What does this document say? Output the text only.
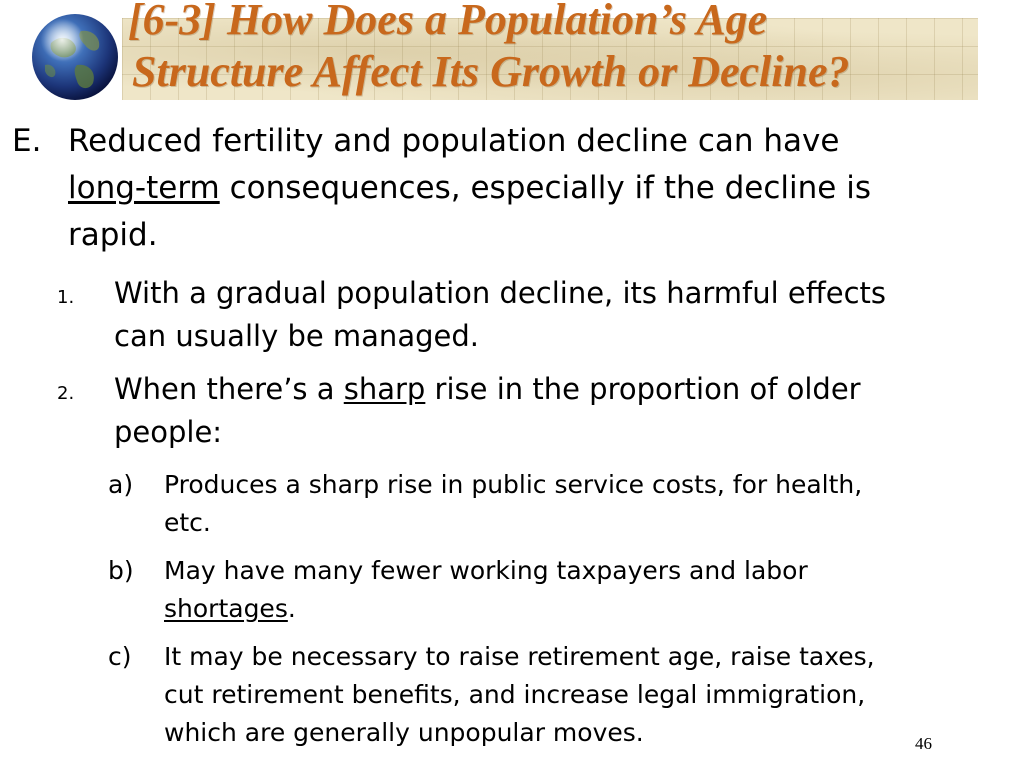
[6-3] How Does a Population’s Age
Structure Affect Its Growth or Decline?
E. Reduced fertility and population decline can have
long-term consequences, especially if the decline is
rapid.
1. With a gradual population decline, its harmful effects
can usually be managed.
2. When there’s a sharp rise in the proportion of older
people:
a) Produces a sharp rise in public service costs, for health,
etc.
b) May have many fewer working taxpayers and labor
shortages.
c) It may be necessary to raise retirement age, raise taxes,
cut retirement benefits, and increase legal immigration,
which are generally unpopular moves.	46
